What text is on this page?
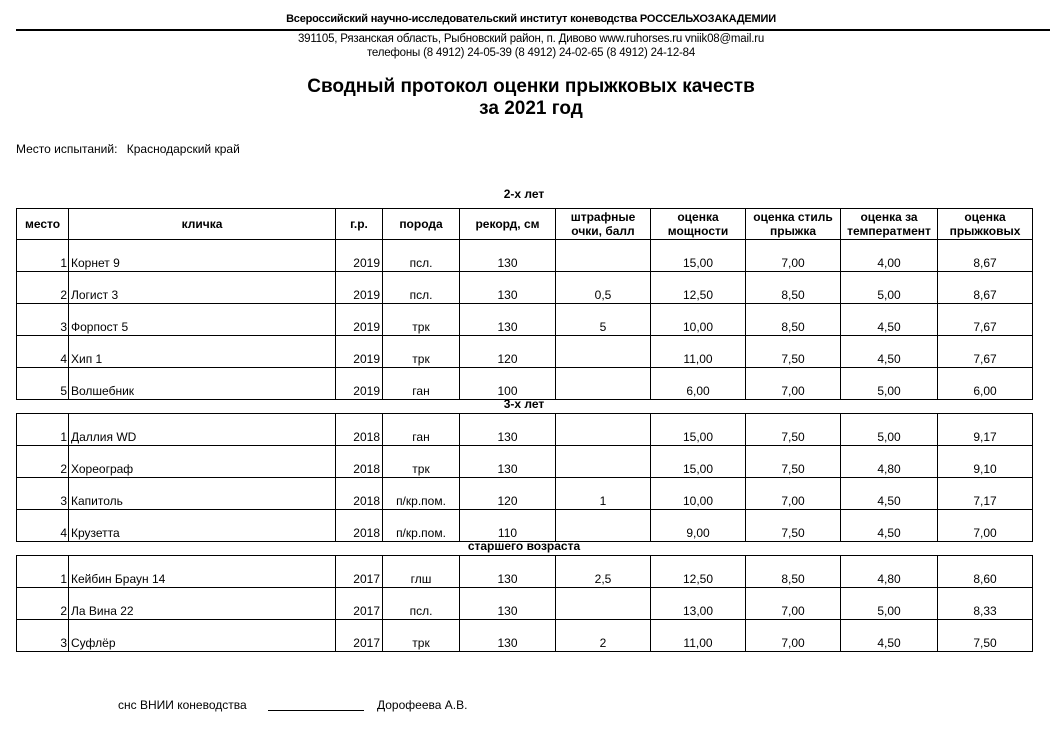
Всероссийский научно-исследовательский институт коневодства РОССЕЛЬХОЗАКАДЕМИИ
391105, Рязанская область, Рыбновский район, п. Дивово www.ruhorses.ru vniik08@mail.ru
телефоны (8 4912) 24-05-39 (8 4912) 24-02-65 (8 4912) 24-12-84
Сводный протокол оценки прыжковых качеств
за 2021 год
Место испытаний: Краснодарский край
2-х лет
место	кличка	г.р.	порода	рекорд, см	штрафные очки, балл	оценка мощности	оценка стиль прыжка	оценка за температмент	оценка прыжковых
1	Корнет 9	2019	псл.	130		15,00	7,00	4,00	8,67
2	Логист 3	2019	псл.	130	0,5	12,50	8,50	5,00	8,67
3	Форпост 5	2019	трк	130	5	10,00	8,50	4,50	7,67
4	Хип 1	2019	трк	120		11,00	7,50	4,50	7,67
5	Волшебник	2019	ган	100		6,00	7,00	5,00	6,00
3-х лет
1	Даллия WD	2018	ган	130		15,00	7,50	5,00	9,17
2	Хореограф	2018	трк	130		15,00	7,50	4,80	9,10
3	Капитоль	2018	п/кр.пом.	120	1	10,00	7,00	4,50	7,17
4	Крузетта	2018	п/кр.пом.	110		9,00	7,50	4,50	7,00
старшего возраста
1	Кейбин Браун 14	2017	глш	130	2,5	12,50	8,50	4,80	8,60
2	Ла Вина 22	2017	псл.	130		13,00	7,00	5,00	8,33
3	Суфлёр	2017	трк	130	2	11,00	7,00	4,50	7,50
снс ВНИИ коневодства	Дорофеева А.В.
